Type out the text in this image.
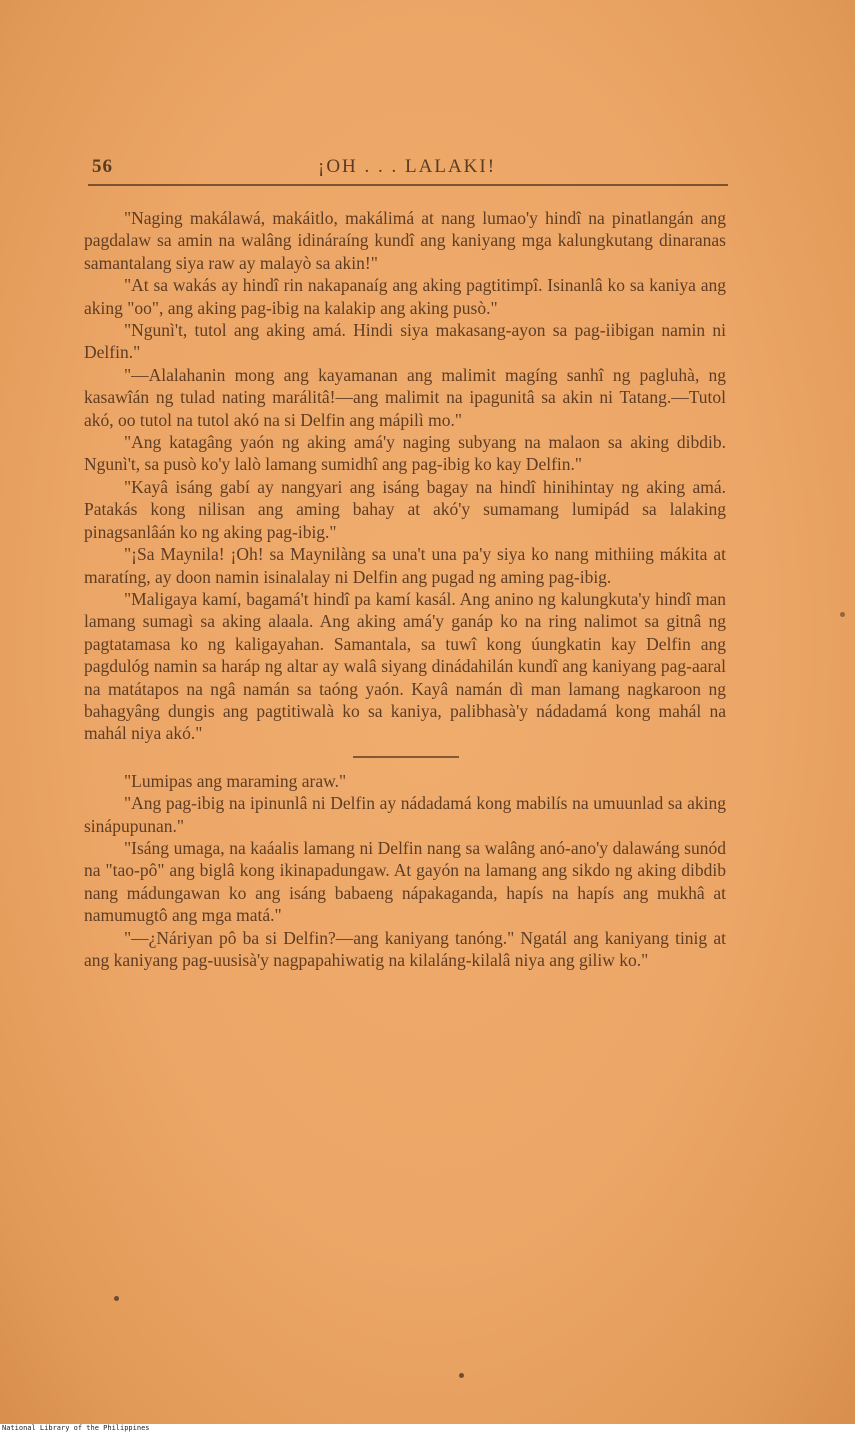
56	¡OH . . . LALAKI!

"Naging makálawá, makáitlo, makálimá at nang lumao'y hindî na pinatlangán ang pagdalaw sa amin na walâng idináraíng kundî ang kaniyang mga kalungkutang dinaranas samantalang siya raw ay malayò sa akin!"

"At sa wakás ay hindî rin nakapanaíg ang aking pagtitimpî. Isinanlâ ko sa kaniya ang aking "oo", ang aking pag-ibig na kalakip ang aking pusò."

"Ngunì't, tutol ang aking amá. Hindi siya makasang-ayon sa pag-iibigan namin ni Delfin."

"—Alalahanin mong ang kayamanan ang malimit magíng sanhî ng pagluhà, ng kasawîán ng tulad nating marálitâ!—ang malimit na ipagunitâ sa akin ni Tatang.—Tutol akó, oo tutol na tutol akó na si Delfin ang mápilì mo."

"Ang katagâng yaón ng aking amá'y naging subyang na malaon sa aking dibdib. Ngunì't, sa pusò ko'y lalò lamang sumidhî ang pag-ibig ko kay Delfin."

"Kayâ isáng gabí ay nangyari ang isáng bagay na hindî hinihintay ng aking amá. Patakás kong nilisan ang aming bahay at akó'y sumamang lumipád sa lalaking pinagsanlâán ko ng aking pag-ibig."

"¡Sa Maynila! ¡Oh! sa Maynilàng sa una't una pa'y siya ko nang mithiing mákita at maratíng, ay doon namin isinalalay ni Delfin ang pugad ng aming pag-ibig.

"Maligaya kamí, bagamá't hindî pa kamí kasál. Ang anino ng kalungkuta'y hindî man lamang sumagì sa aking alaala. Ang aking amá'y ganáp ko na ring nalimot sa gitnâ ng pagtatamasa ko ng kaligayahan. Samantala, sa tuwî kong úungkatin kay Delfin ang pagdulóg namin sa haráp ng altar ay walâ siyang dinádahilán kundî ang kaniyang pag-aaral na matátapos na ngâ namán sa taóng yaón. Kayâ namán dì man lamang nagkaroon ng bahagyâng dungis ang pagtitiwalà ko sa kaniya, palibhasà'y nádadamá kong mahál na mahál niya akó."

"Lumipas ang maraming araw."

"Ang pag-ibig na ipinunlâ ni Delfin ay nádadamá kong mabilís na umuunlad sa aking sinápupunan."

"Isáng umaga, na kaáalis lamang ni Delfin nang sa walâng anó-ano'y dalawáng sunód na "tao-pô" ang biglâ kong ikinapadungaw. At gayón na lamang ang sikdo ng aking dibdib nang mádungawan ko ang isáng babaeng nápakaganda, hapís na hapís ang mukhâ at namumugtô ang mga matá."

"—¿Náriyan pô ba si Delfin?—ang kaniyang tanóng." Ngatál ang kaniyang tinig at ang kaniyang pag-uusisà'y nagpapahiwatig na kilaláng-kilalâ niya ang giliw ko."

National Library of the Philippines
